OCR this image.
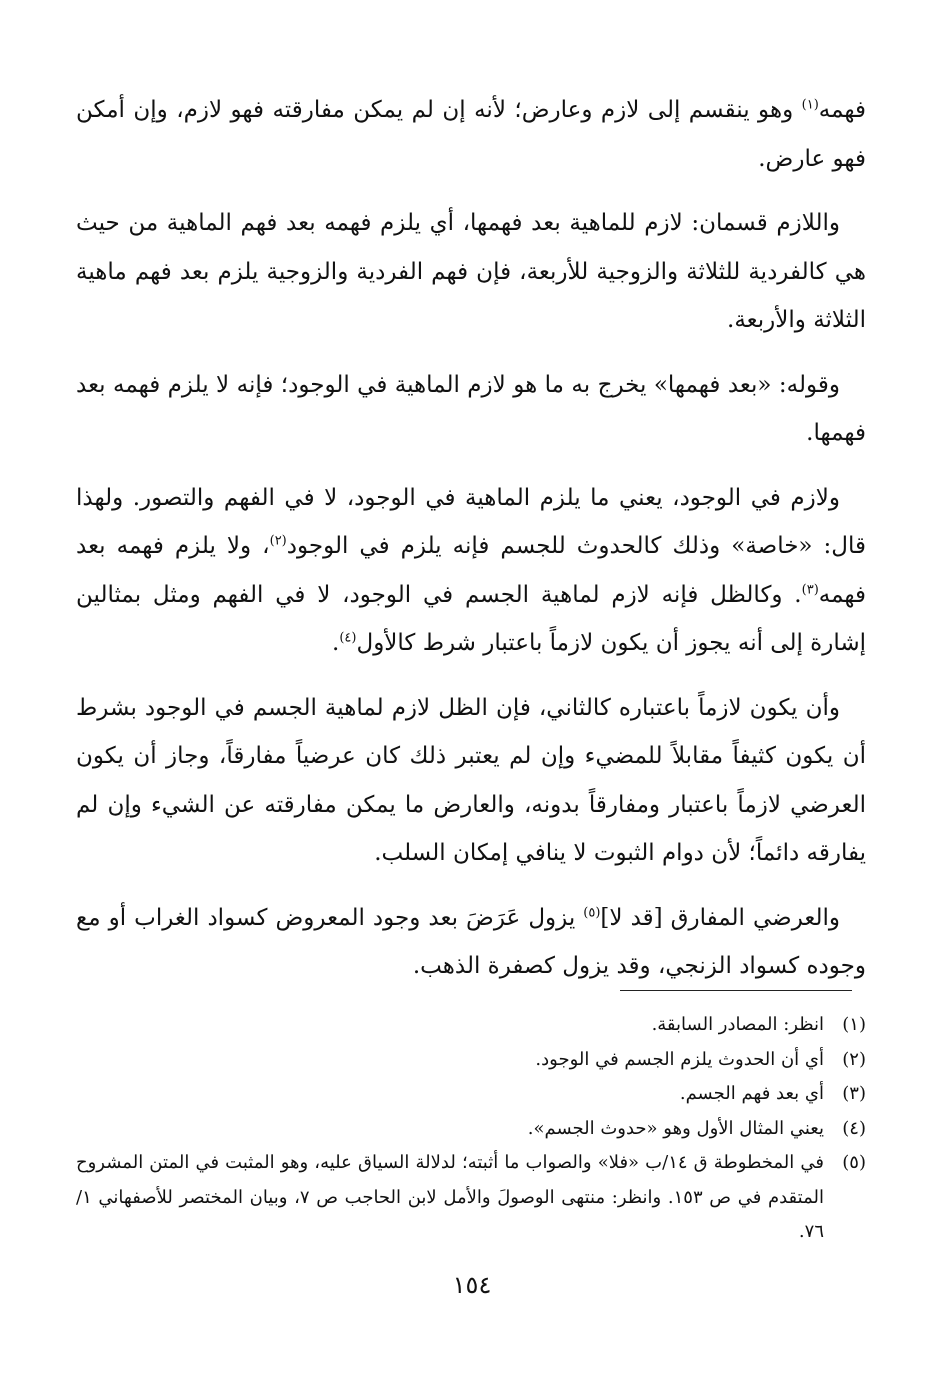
فهمه$^{(١)}$ وهو ينقسم إلى لازم وعارض؛ لأنه إن لم يمكن مفارقته فهو لازم، وإن أمكن فهو عارض.

واللازم قسمان: لازم للماهية بعد فهمها، أي يلزم فهمه بعد فهم الماهية من حيث هي كالفردية للثلاثة والزوجية للأربعة، فإن فهم الفردية والزوجية يلزم بعد فهم ماهية الثلاثة والأربعة.

وقوله: «بعد فهمها» يخرج به ما هو لازم الماهية في الوجود؛ فإنه لا يلزم فهمه بعد فهمها.

ولازم في الوجود، يعني ما يلزم الماهية في الوجود، لا في الفهم والتصور. ولهذا قال: «خاصة» وذلك كالحدوث للجسم فإنه يلزم في الوجود$^{(٢)}$، ولا يلزم فهمه بعد فهمه$^{(٣)}$. وكالظل فإنه لازم لماهية الجسم في الوجود، لا في الفهم ومثل بمثالين إشارة إلى أنه يجوز أن يكون لازماً باعتبار شرط كالأول$^{(٤)}$.

وأن يكون لازماً باعتباره كالثاني، فإن الظل لازم لماهية الجسم في الوجود بشرط أن يكون كثيفاً مقابلاً للمضيء وإن لم يعتبر ذلك كان عرضياً مفارقاً، وجاز أن يكون العرضي لازماً باعتبار ومفارقاً بدونه، والعارض ما يمكن مفارقته عن الشيء وإن لم يفارقه دائماً؛ لأن دوام الثبوت لا ينافي إمكان السلب.

والعرضي المفارق [قد لا]$^{(٥)}$ يزول عَرَضَ بعد وجود المعروض كسواد الغراب أو مع وجوده كسواد الزنجي، وقد يزول كصفرة الذهب.

(١)
انظر: المصادر السابقة.
(٢)
أي أن الحدوث يلزم الجسم في الوجود.
(٣)
أي بعد فهم الجسم.
(٤)
يعني المثال الأول وهو «حدوث الجسم».
(٥)
في المخطوطة ق ١٤/ب «فلا» والصواب ما أثبته؛ لدلالة السياق عليه، وهو المثبت في المتن المشروح المتقدم في ص ١٥٣. وانظر: منتهى الوصولَ والأمل لابن الحاجب ص ٧، وبيان المختصر للأصفهاني ١/ ٧٦.
١٥٤
